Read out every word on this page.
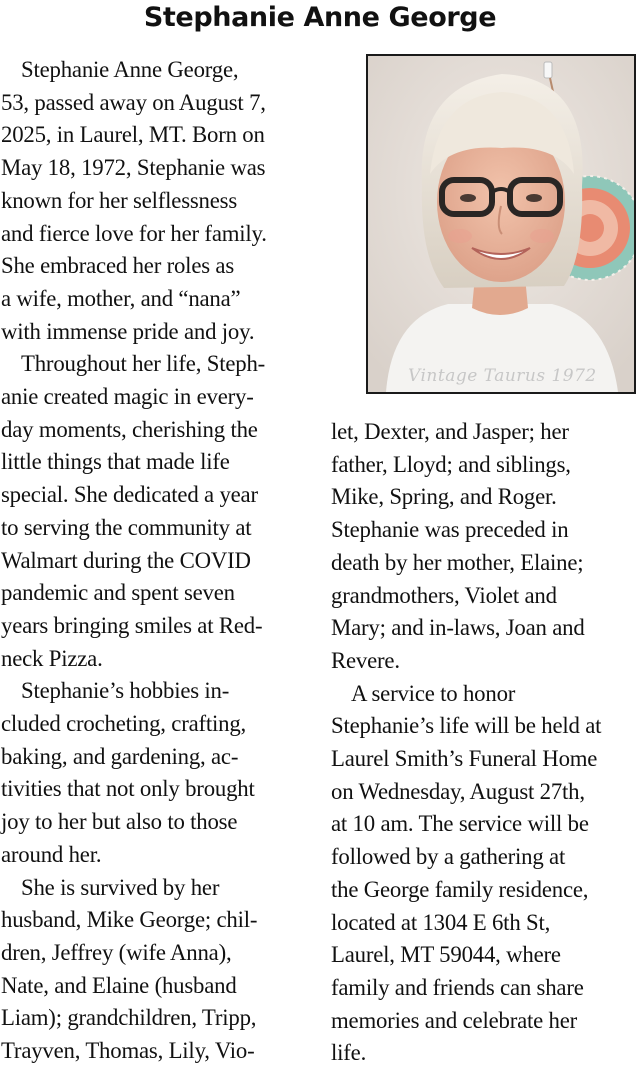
Stephanie Anne George

Stephanie Anne George,

53, passed away on August 7,

2025, in Laurel, MT. Born on

May 18, 1972, Stephanie was

known for her selflessness

and fierce love for her family.

She embraced her roles as

a wife, mother, and “nana”

with immense pride and joy.

Throughout her life, Steph-

anie created magic in every-

day moments, cherishing the

little things that made life

special. She dedicated a year

to serving the community at

Walmart during the COVID

pandemic and spent seven

years bringing smiles at Red-

neck Pizza.

Stephanie’s hobbies in-

cluded crocheting, crafting,

baking, and gardening, ac-

tivities that not only brought

joy to her but also to those

around her.

She is survived by her

husband, Mike George; chil-

dren, Jeffrey (wife Anna),

Nate, and Elaine (husband

Liam); grandchildren, Tripp,

Trayven, Thomas, Lily, Vio-

Vintage Taurus 1972

let, Dexter, and Jasper; her

father, Lloyd; and siblings,

Mike, Spring, and Roger.

Stephanie was preceded in

death by her mother, Elaine;

grandmothers, Violet and

Mary; and in-laws, Joan and

Revere.

A service to honor

Stephanie’s life will be held at

Laurel Smith’s Funeral Home

on Wednesday, August 27th,

at 10 am. The service will be

followed by a gathering at

the George family residence,

located at 1304 E 6th St,

Laurel, MT 59044, where

family and friends can share

memories and celebrate her

life.
